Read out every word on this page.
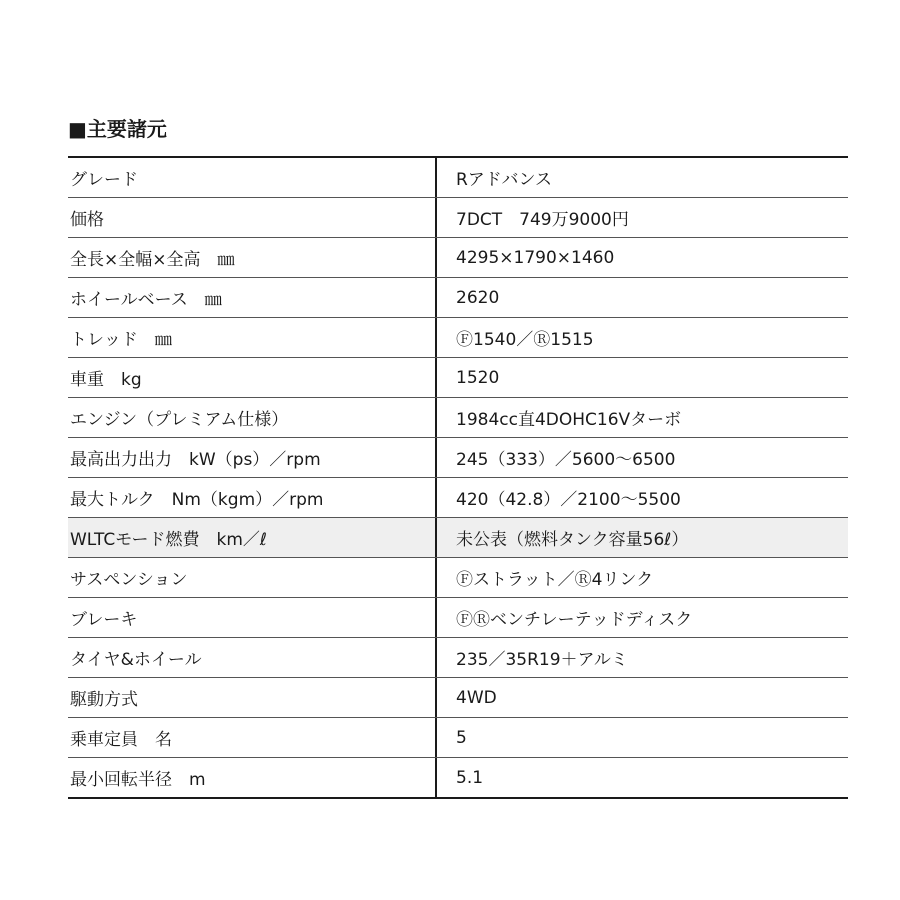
■主要諸元
グレード	Rアドバンス
価格	7DCT　749万9000円
全長×全幅×全高　㎜	4295×1790×1460
ホイールベース　㎜	2620
トレッド　㎜	Ⓕ1540／Ⓡ1515
車重　kg	1520
エンジン（プレミアム仕様）	1984cc直4DOHC16Vターボ
最高出力出力　kW（ps）／rpm	245（333）／5600～6500
最大トルク　Nm（kgm）／rpm	420（42.8）／2100～5500
WLTCモード燃費　km／ℓ	未公表（燃料タンク容量56ℓ）
サスペンション	Ⓕストラット／Ⓡ4リンク
ブレーキ	ⒻⓇベンチレーテッドディスク
タイヤ&ホイール	235／35R19＋アルミ
駆動方式	4WD
乗車定員　名	5
最小回転半径　m	5.1
